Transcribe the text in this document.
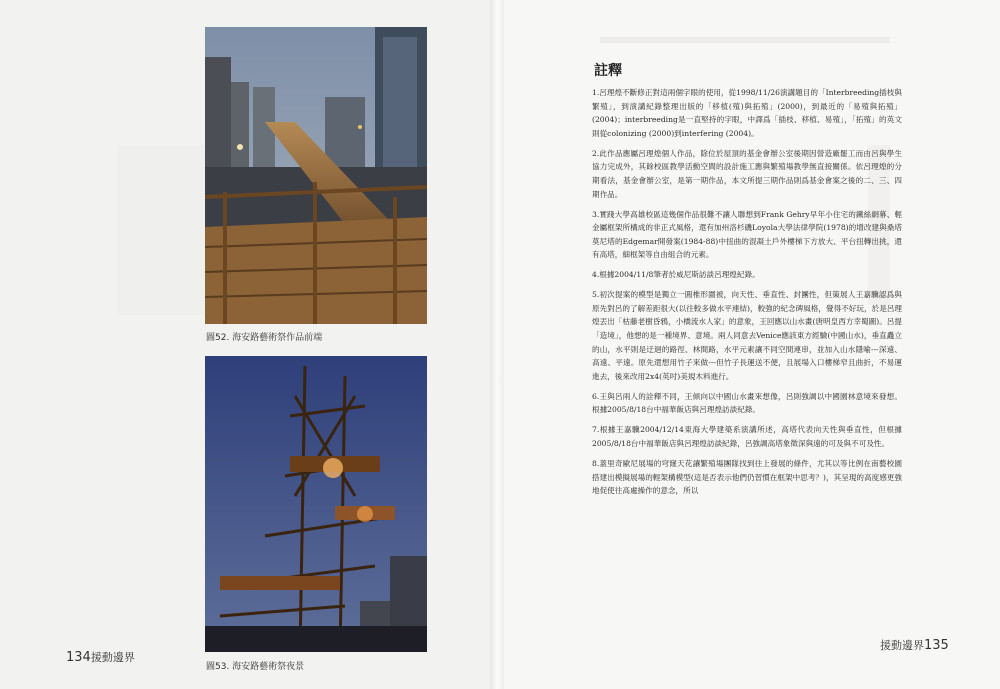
圖52. 海安路藝術祭作品前端
圖53. 海安路藝術祭夜景
134援動邊界
註釋
1.呂理煌不斷修正對這兩個字眼的使用，從1998/11/26演講題目的「Interbreeding插枝與繁殖」，到演講紀錄整理出版的「移植(殖)與拓殖」(2000)，到最近的「易殖與拓殖」(2004)；interbreeding是一直堅持的字眼，中譯爲「插枝、移植、易殖」，「拓殖」的英文則從colonizing (2000)到interfering (2004)。
2.此作品應屬呂理煌個人作品，除位於屋頂的基金會辦公室後期因營造廠罷工而由呂與學生協力完成外，其餘校區教學活動空間的設計施工應與繁殖場教學無直接關係。依呂理煌的分期看法，基金會辦公室，是第一期作品，本文所提三期作品則爲基金會案之後的二、三、四期作品。
3.實踐大學高雄校區這幾個作品很難不讓人聯想到Frank Gehry早年小住宅的鐵絲網幕、輕金屬框架所構成的非正式風格，還有加州洛杉磯Loyola大學法律學院(1978)的增改建與桑塔莫尼塔的Edgemar開發案(1984-88)中扭曲的混凝土戶外樓梯下方放大、平台扭轉出挑，還有高塔，細框架等自由組合的元素。
4.根據2004/11/8筆者於威尼斯訪談呂理煌紀錄。
5.初次提案的模型是獨立一圓椎形圍被，向天性、垂直性、封團性，但策展人王嘉驥認爲與原先對呂的了解差距很大(以往較多做水平連結)，較強的紀念碑風格，覺得不好玩，於是呂理煌丟出「枯藤老樹昏鴉，小橋流水人家」的意象，王回應以山水畫(唐明皇西方幸蜀圖)。呂提「造境」，他想的是一種境界、意境。兩人同意去Venice應該東方經驗(中國山水)，垂直矗立的山，水平則是迂迴的路徑、林間路，水平元素讓不同空間連串，並加入山水隱喻---深遠、高遠、平遠。原先還想用竹子來做---但竹子長運送不便，且展場入口樓梯窄且曲折，不易運進去，後來改用2x4(英吋)美規木料進行。
6.王與呂兩人的詮釋不同，王傾向以中國山水畫來想像，呂則強調以中國園林意境來發想。根據2005/8/18台中福華飯店與呂理煌訪談紀錄。
7.根據王嘉驥2004/12/14東海大學建築系演講所述，高塔代表向天性與垂直性，但根據2005/8/18台中福華飯店與呂理煌訪談紀錄，呂強調高塔象徵深與遠的可及與不可及性。
8.蓋里奇歐尼展場的穹窿天花讓繁殖場團隊找到往上發展的條件，尤其以等比例在南藝校園搭建出模擬展場的輕架構模型(這是否表示他們仍習慣在框架中思考？)，其呈現的高度感更強地促使往高處操作的意念，所以
援動邊界135
